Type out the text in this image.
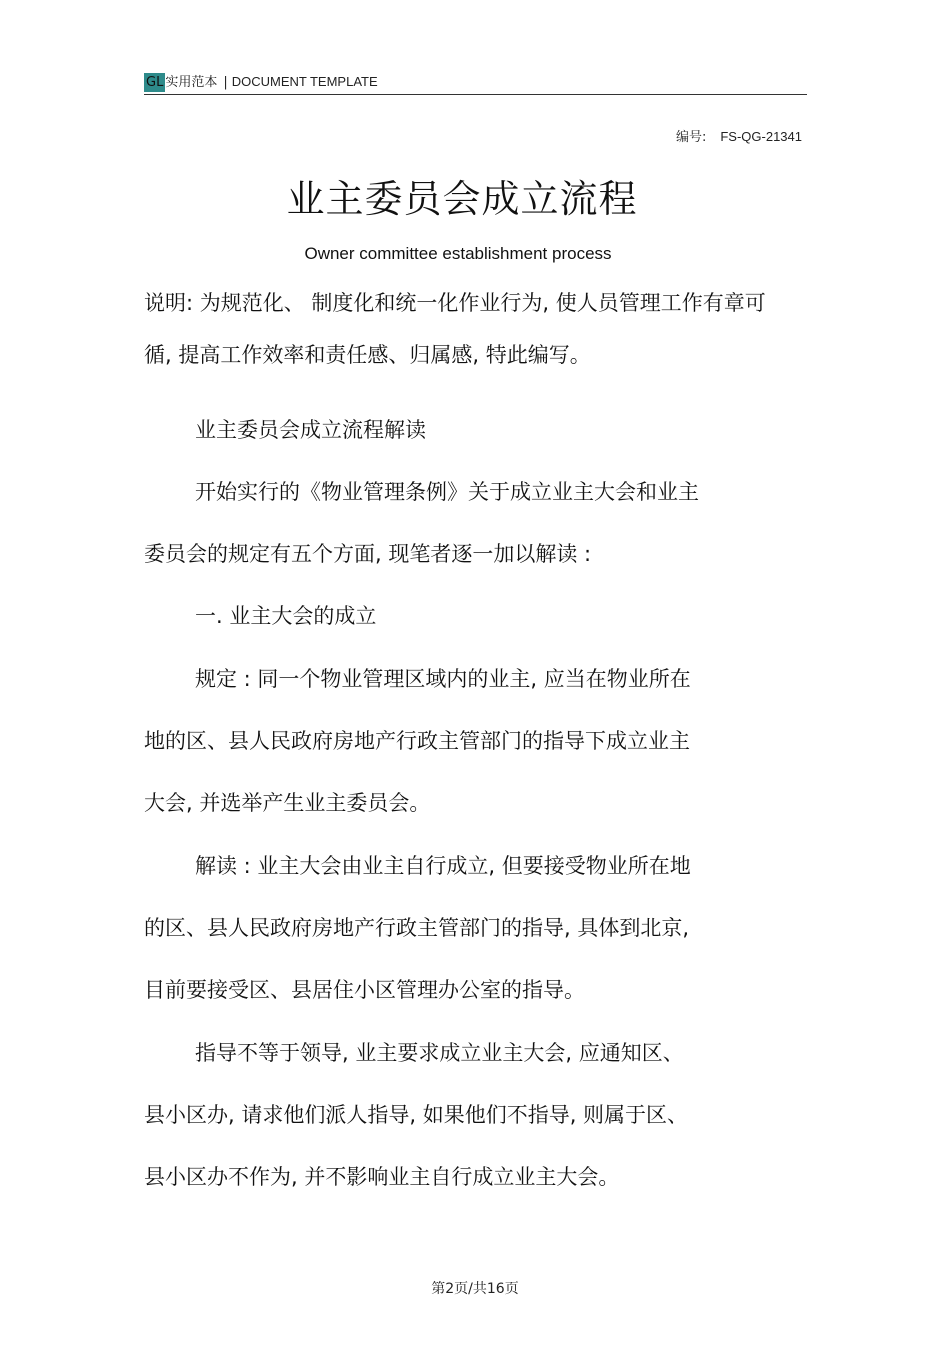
GL 实用范本 | DOCUMENT TEMPLATE
编号: FS-QG-21341
业主委员会成立流程
Owner committee establishment process
说明: 为规范化、 制度化和统一化作业行为, 使人员管理工作有章可
循, 提高工作效率和责任感、归属感, 特此编写。
业主委员会成立流程解读
开始实行的《物业管理条例》关于成立业主大会和业主
委员会的规定有五个方面, 现笔者逐一加以解读 :
一. 业主大会的成立
规定 : 同一个物业管理区域内的业主, 应当在物业所在
地的区、县人民政府房地产行政主管部门的指导下成立业主
大会, 并选举产生业主委员会。
解读 : 业主大会由业主自行成立, 但要接受物业所在地
的区、县人民政府房地产行政主管部门的指导, 具体到北京,
目前要接受区、县居住小区管理办公室的指导。
指导不等于领导, 业主要求成立业主大会, 应通知区、
县小区办, 请求他们派人指导, 如果他们不指导, 则属于区、
县小区办不作为, 并不影响业主自行成立业主大会。
第2页/共16页
